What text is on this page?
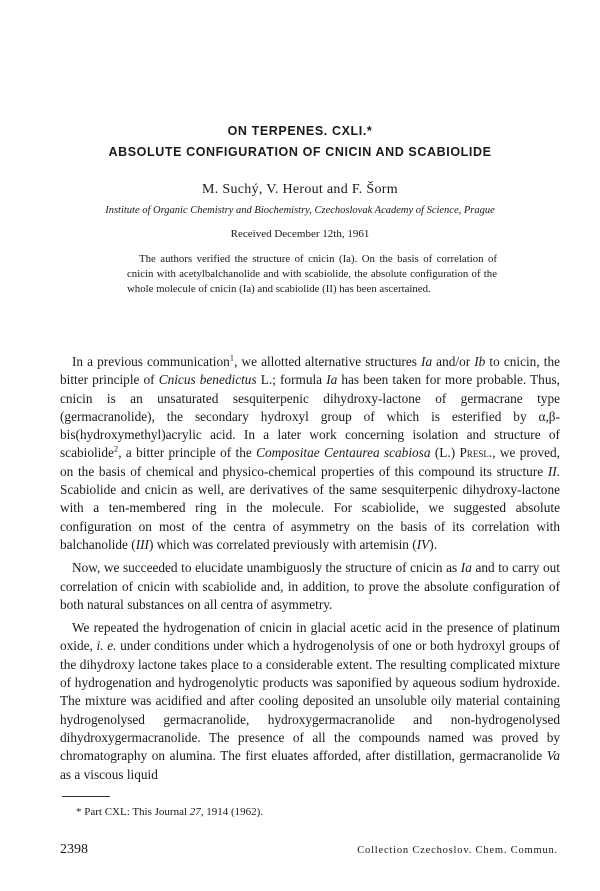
ON TERPENES. CXLI.*
ABSOLUTE CONFIGURATION OF CNICIN AND SCABIOLIDE
M. Suchý, V. Herout and F. Šorm
Institute of Organic Chemistry and Biochemistry, Czechoslovak Academy of Science, Prague
Received December 12th, 1961
The authors verified the structure of cnicin (Ia). On the basis of correlation of cnicin with acetylbalchanolide and with scabiolide, the absolute configuration of the whole molecule of cnicin (Ia) and scabiolide (II) has been ascertained.

In a previous communication$^1$, we allotted alternative structures Ia and/or Ib to cnicin, the bitter principle of Cnicus benedictus L.; formula Ia has been taken for more probable. Thus, cnicin is an unsaturated sesquiterpenic dihydroxy-lactone of germacrane type (germacranolide), the secondary hydroxyl group of which is esterified by α,β-bis(hydroxymethyl)acrylic acid. In a later work concerning isolation and structure of scabiolide$^2$, a bitter principle of the Compositae Centaurea scabiosa (L.) Presl., we proved, on the basis of chemical and physico-chemical properties of this compound its structure II. Scabiolide and cnicin as well, are derivatives of the same sesquiterpenic dihydroxy-lactone with a ten-membered ring in the molecule. For scabiolide, we suggested absolute configuration on most of the centra of asymmetry on the basis of its correlation with balchanolide (III) which was correlated previously with artemisin (IV).

Now, we succeeded to elucidate unambiguosly the structure of cnicin as Ia and to carry out correlation of cnicin with scabiolide and, in addition, to prove the absolute configuration of both natural substances on all centra of asymmetry.

We repeated the hydrogenation of cnicin in glacial acetic acid in the presence of platinum oxide, i. e. under conditions under which a hydrogenolysis of one or both hydroxyl groups of the dihydroxy lactone takes place to a considerable extent. The resulting complicated mixture of hydrogenation and hydrogenolytic products was saponified by aqueous sodium hydroxide. The mixture was acidified and after cooling deposited an unsoluble oily material containing hydrogenolysed germacranolide, hydroxygermacranolide and non-hydrogenolysed dihydroxygermacranolide. The presence of all the compounds named was proved by chromatography on alumina. The first eluates afforded, after distillation, germacranolide Va as a viscous liquid

* Part CXL: This Journal 27, 1914 (1962).
2398	Collection Czechoslov. Chem. Commun.
